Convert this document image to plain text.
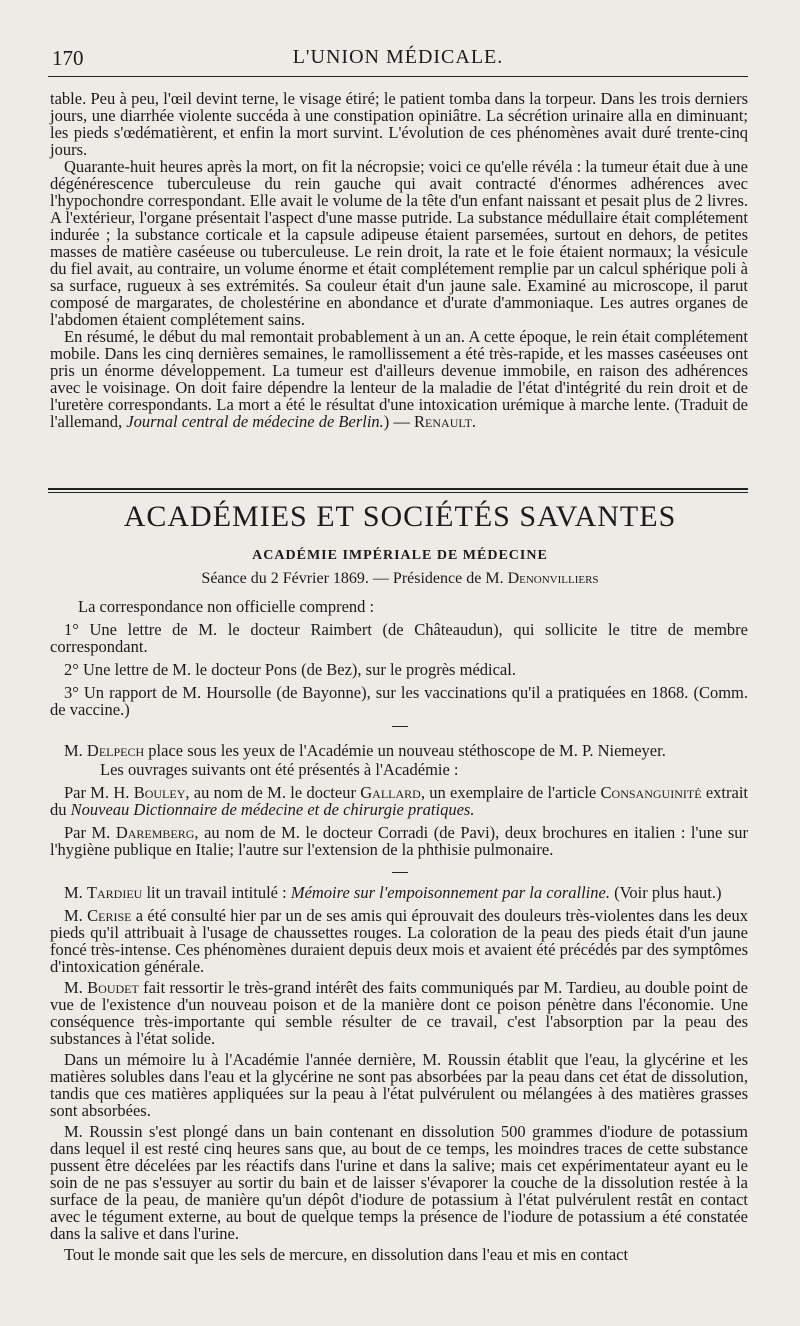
170	L'UNION MÉDICALE.

table. Peu à peu, l'œil devint terne, le visage étiré; le patient tomba dans la torpeur. Dans les trois derniers jours, une diarrhée violente succéda à une constipation opiniâtre. La sécrétion urinaire alla en diminuant; les pieds s'œdématièrent, et enfin la mort survint. L'évolution de ces phénomènes avait duré trente-cinq jours.

Quarante-huit heures après la mort, on fit la nécropsie; voici ce qu'elle révéla : la tumeur était due à une dégénérescence tuberculeuse du rein gauche qui avait contracté d'énormes adhérences avec l'hypochondre correspondant. Elle avait le volume de la tête d'un enfant naissant et pesait plus de 2 livres. A l'extérieur, l'organe présentait l'aspect d'une masse putride. La substance médullaire était complétement indurée ; la substance corticale et la capsule adipeuse étaient parsemées, surtout en dehors, de petites masses de matière caséeuse ou tuberculeuse. Le rein droit, la rate et le foie étaient normaux; la vésicule du fiel avait, au contraire, un volume énorme et était complétement remplie par un calcul sphérique poli à sa surface, rugueux à ses extrémités. Sa couleur était d'un jaune sale. Examiné au microscope, il parut composé de margarates, de cholestérine en abondance et d'urate d'ammoniaque. Les autres organes de l'abdomen étaient complétement sains.

En résumé, le début du mal remontait probablement à un an. A cette époque, le rein était complétement mobile. Dans les cinq dernières semaines, le ramollissement a été très-rapide, et les masses caséeuses ont pris un énorme développement. La tumeur est d'ailleurs devenue immobile, en raison des adhérences avec le voisinage. On doit faire dépendre la lenteur de la maladie de l'état d'intégrité du rein droit et de l'uretère correspondants. La mort a été le résultat d'une intoxication urémique à marche lente. (Traduit de l'allemand, Journal central de médecine de Berlin.) — Renault.

ACADÉMIES ET SOCIÉTÉS SAVANTES
ACADÉMIE IMPÉRIALE DE MÉDECINE
Séance du 2 Février 1869. — Présidence de M. Denonvilliers

La correspondance non officielle comprend :

1° Une lettre de M. le docteur Raimbert (de Châteaudun), qui sollicite le titre de membre correspondant.

2° Une lettre de M. le docteur Pons (de Bez), sur le progrès médical.

3° Un rapport de M. Hoursolle (de Bayonne), sur les vaccinations qu'il a pratiquées en 1868. (Comm. de vaccine.)

M. Delpech place sous les yeux de l'Académie un nouveau stéthoscope de M. P. Niemeyer.

Les ouvrages suivants ont été présentés à l'Académie :

Par M. H. Bouley, au nom de M. le docteur Gallard, un exemplaire de l'article Consanguinité extrait du Nouveau Dictionnaire de médecine et de chirurgie pratiques.

Par M. Daremberg, au nom de M. le docteur Corradi (de Pavi), deux brochures en italien : l'une sur l'hygiène publique en Italie; l'autre sur l'extension de la phthisie pulmonaire.

M. Tardieu lit un travail intitulé : Mémoire sur l'empoisonnement par la coralline. (Voir plus haut.)

M. Cerise a été consulté hier par un de ses amis qui éprouvait des douleurs très-violentes dans les deux pieds qu'il attribuait à l'usage de chaussettes rouges. La coloration de la peau des pieds était d'un jaune foncé très-intense. Ces phénomènes duraient depuis deux mois et avaient été précédés par des symptômes d'intoxication générale.

M. Boudet fait ressortir le très-grand intérêt des faits communiqués par M. Tardieu, au double point de vue de l'existence d'un nouveau poison et de la manière dont ce poison pénètre dans l'économie. Une conséquence très-importante qui semble résulter de ce travail, c'est l'absorption par la peau des substances à l'état solide.

Dans un mémoire lu à l'Académie l'année dernière, M. Roussin établit que l'eau, la glycérine et les matières solubles dans l'eau et la glycérine ne sont pas absorbées par la peau dans cet état de dissolution, tandis que ces matières appliquées sur la peau à l'état pulvérulent ou mélangées à des matières grasses sont absorbées.

M. Roussin s'est plongé dans un bain contenant en dissolution 500 grammes d'iodure de potassium dans lequel il est resté cinq heures sans que, au bout de ce temps, les moindres traces de cette substance pussent être décelées par les réactifs dans l'urine et dans la salive; mais cet expérimentateur ayant eu le soin de ne pas s'essuyer au sortir du bain et de laisser s'évaporer la couche de la dissolution restée à la surface de la peau, de manière qu'un dépôt d'iodure de potassium à l'état pulvérulent restât en contact avec le tégument externe, au bout de quelque temps la présence de l'iodure de potassium a été constatée dans la salive et dans l'urine.

Tout le monde sait que les sels de mercure, en dissolution dans l'eau et mis en contact
